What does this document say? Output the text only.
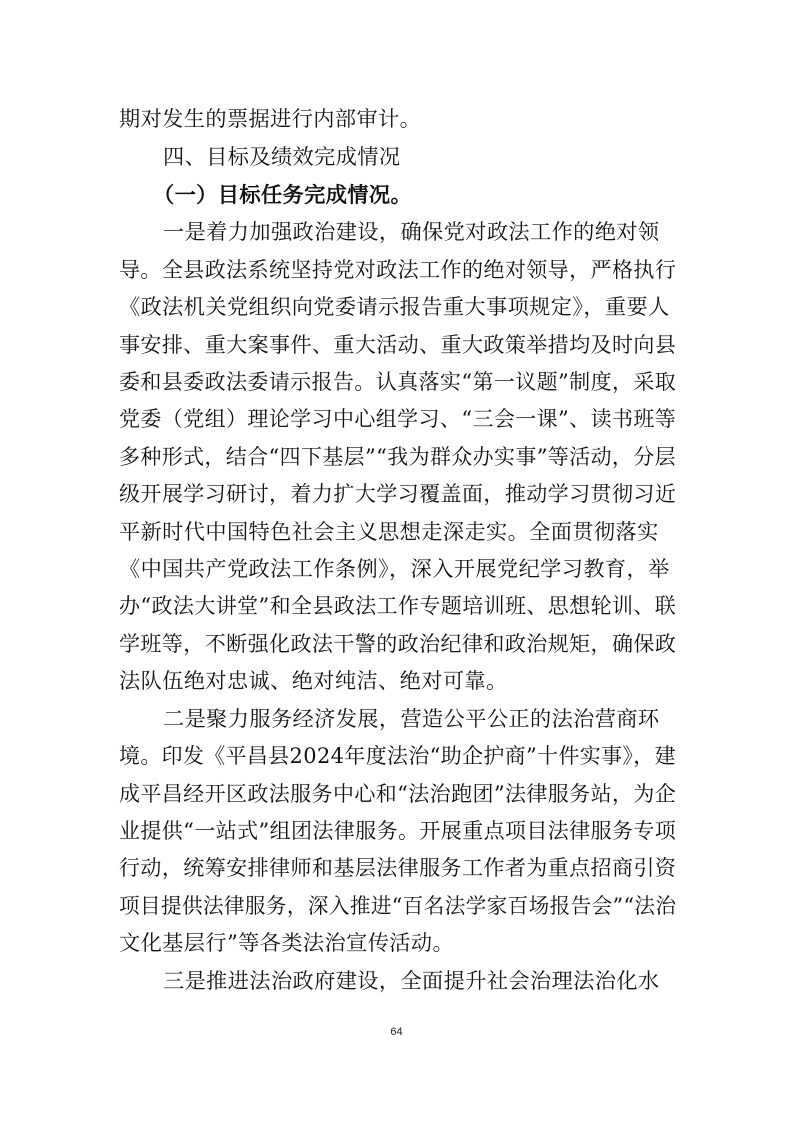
期对发生的票据进行内部审计。
四、目标及绩效完成情况
（一）目标任务完成情况。
一是着力加强政治建设，确保党对政法工作的绝对领
导。全县政法系统坚持党对政法工作的绝对领导，严格执行
《政法机关党组织向党委请示报告重大事项规定》，重要人
事安排、重大案事件、重大活动、重大政策举措均及时向县
委和县委政法委请示报告。认真落实“第一议题”制度，采取
党委（党组）理论学习中心组学习、“三会一课”、读书班等
多种形式，结合“四下基层”“我为群众办实事”等活动，分层
级开展学习研讨，着力扩大学习覆盖面，推动学习贯彻习近
平新时代中国特色社会主义思想走深走实。全面贯彻落实
《中国共产党政法工作条例》，深入开展党纪学习教育，举
办“政法大讲堂”和全县政法工作专题培训班、思想轮训、联
学班等，不断强化政法干警的政治纪律和政治规矩，确保政
法队伍绝对忠诚、绝对纯洁、绝对可靠。
二是聚力服务经济发展，营造公平公正的法治营商环
境。印发《平昌县2024年度法治“助企护商”十件实事》，建
成平昌经开区政法服务中心和“法治跑团”法律服务站，为企
业提供“一站式”组团法律服务。开展重点项目法律服务专项
行动，统筹安排律师和基层法律服务工作者为重点招商引资
项目提供法律服务，深入推进“百名法学家百场报告会”“法治
文化基层行”等各类法治宣传活动。
三是推进法治政府建设，全面提升社会治理法治化水
64
